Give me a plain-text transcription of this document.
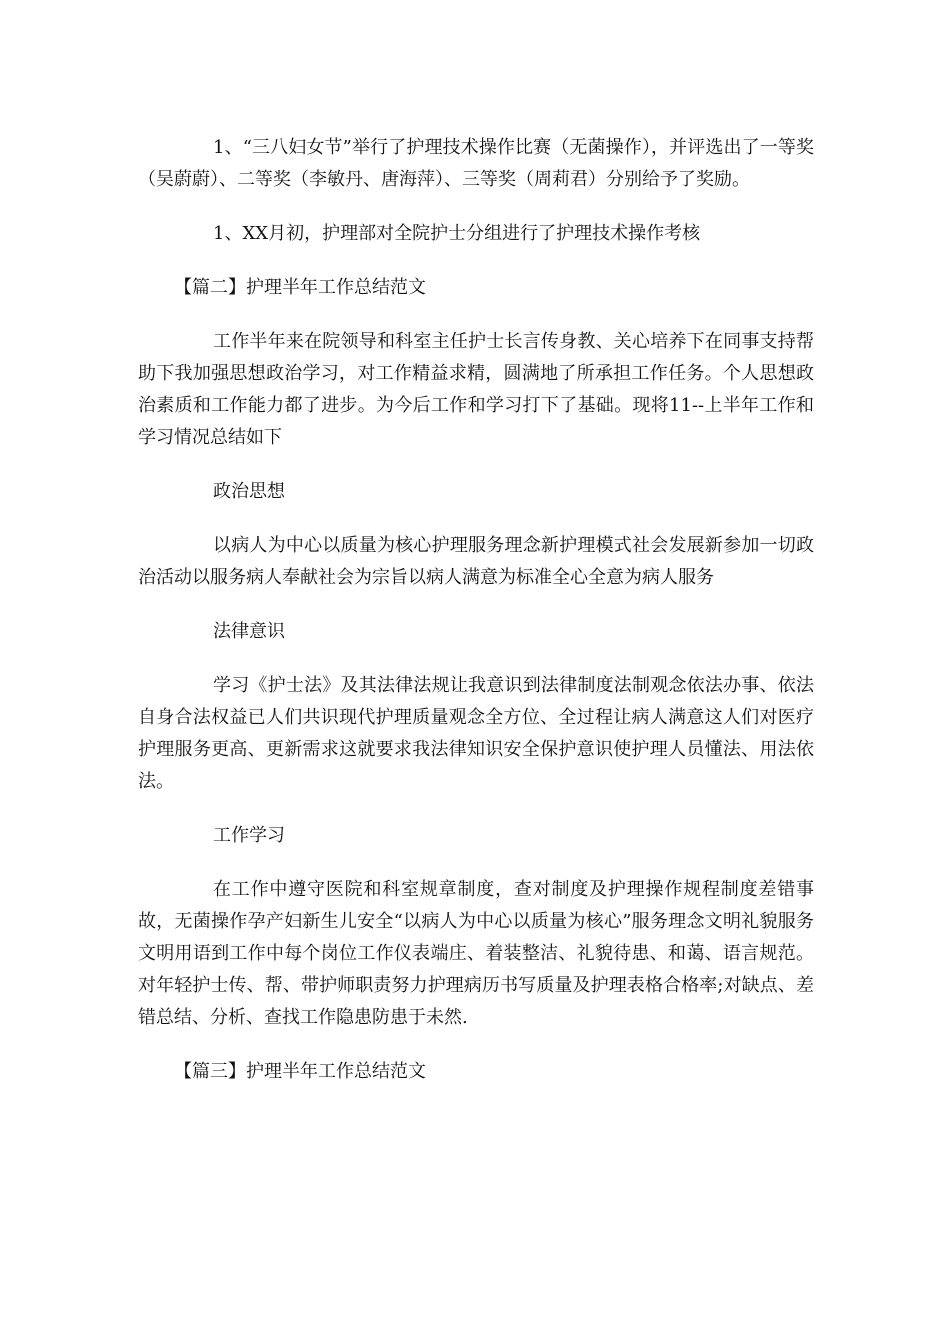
1、“三八妇女节”举行了护理技术操作比赛（无菌操作），并评选出了一等奖（吴蔚蔚）、二等奖（李敏丹、唐海萍）、三等奖（周莉君）分别给予了奖励。

1、XX月初，护理部对全院护士分组进行了护理技术操作考核

【篇二】护理半年工作总结范文

工作半年来在院领导和科室主任护士长言传身教、关心培养下在同事支持帮助下我加强思想政治学习，对工作精益求精，圆满地了所承担工作任务。个人思想政治素质和工作能力都了进步。为今后工作和学习打下了基础。现将11--上半年工作和学习情况总结如下

政治思想

以病人为中心以质量为核心护理服务理念新护理模式社会发展新参加一切政治活动以服务病人奉献社会为宗旨以病人满意为标准全心全意为病人服务

法律意识

学习《护士法》及其法律法规让我意识到法律制度法制观念依法办事、依法自身合法权益已人们共识现代护理质量观念全方位、全过程让病人满意这人们对医疗护理服务更高、更新需求这就要求我法律知识安全保护意识使护理人员懂法、用法依法。

工作学习

在工作中遵守医院和科室规章制度，查对制度及护理操作规程制度差错事故，无菌操作孕产妇新生儿安全“以病人为中心以质量为核心”服务理念文明礼貌服务文明用语到工作中每个岗位工作仪表端庄、着装整洁、礼貌待患、和蔼、语言规范。对年轻护士传、帮、带护师职责努力护理病历书写质量及护理表格合格率;对缺点、差错总结、分析、查找工作隐患防患于未然.

【篇三】护理半年工作总结范文
